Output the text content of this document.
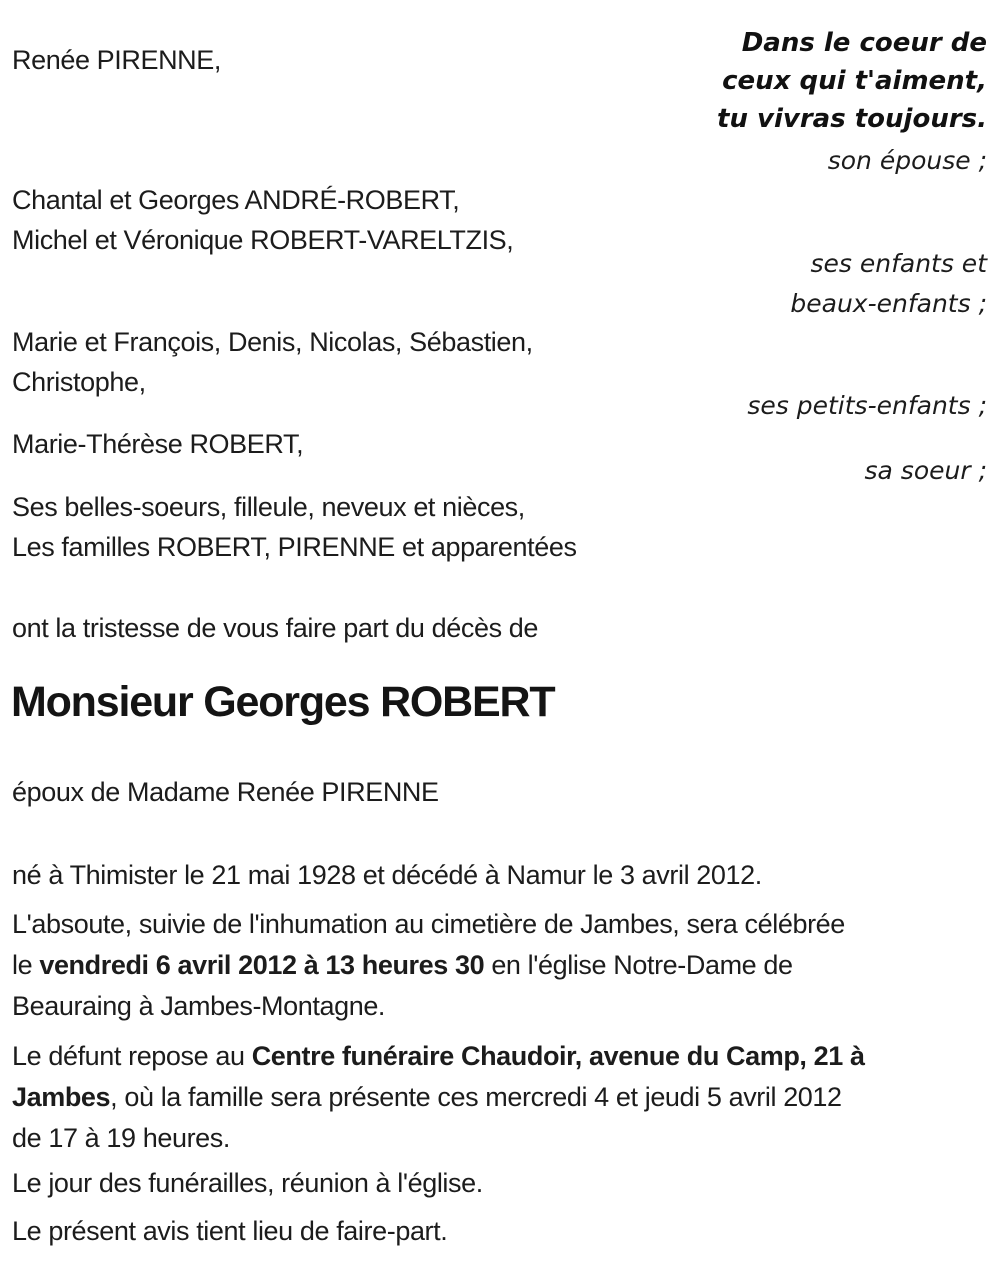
Renée PIRENNE,
Dans le coeur de
ceux qui t'aiment,
tu vivras toujours.
son épouse ;
Chantal et Georges ANDRÉ-ROBERT,
Michel et Véronique ROBERT-VARELTZIS,
ses enfants et
beaux-enfants ;
Marie et François, Denis, Nicolas, Sébastien,
Christophe,
ses petits-enfants ;
Marie-Thérèse ROBERT,
sa soeur ;
Ses belles-soeurs, filleule, neveux et nièces,
Les familles ROBERT, PIRENNE et apparentées
ont la tristesse de vous faire part du décès de
Monsieur Georges ROBERT
époux de Madame Renée PIRENNE
né à Thimister le 21 mai 1928 et décédé à Namur le 3 avril 2012.
L'absoute, suivie de l'inhumation au cimetière de Jambes, sera célébrée
le vendredi 6 avril 2012 à 13 heures 30 en l'église Notre-Dame de
Beauraing à Jambes-Montagne.
Le défunt repose au Centre funéraire Chaudoir, avenue du Camp, 21 à
Jambes, où la famille sera présente ces mercredi 4 et jeudi 5 avril 2012
de 17 à 19 heures.
Le jour des funérailles, réunion à l'église.
Le présent avis tient lieu de faire-part.
